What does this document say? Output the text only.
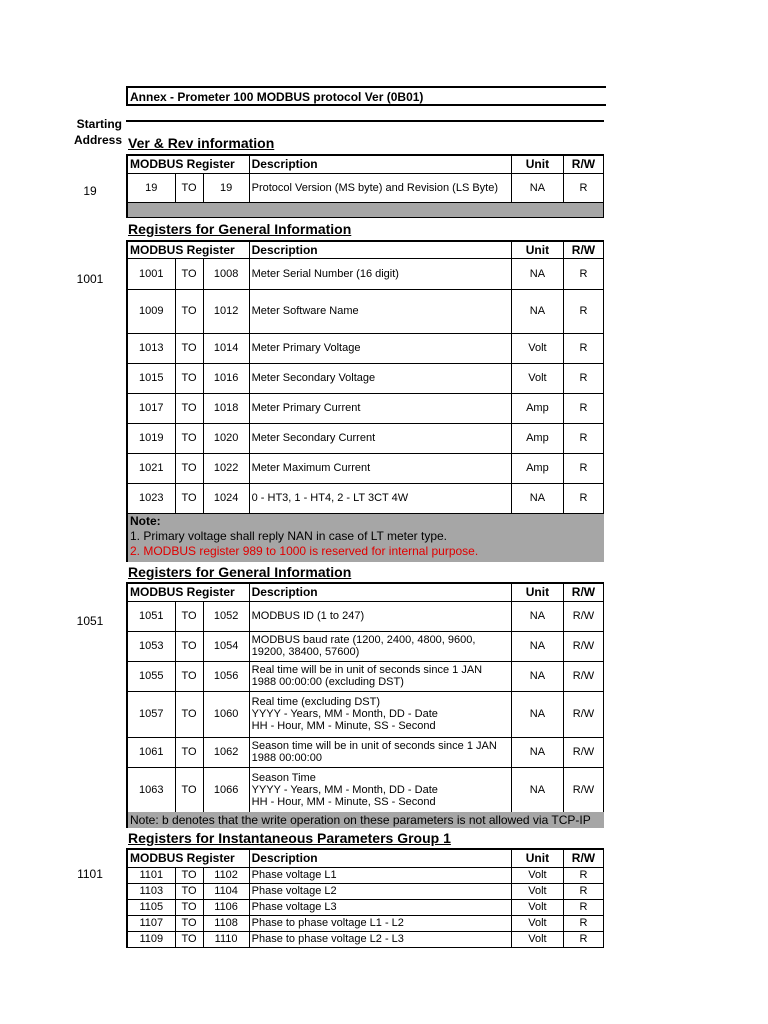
Annex - Prometer 100 MODBUS protocol Ver (0B01)
Starting
Address Ver & Rev information
19
MODBUS Register			Description	Unit	R/W
19	TO	19	Protocol Version (MS byte) and Revision (LS Byte)	NA	R
Registers for General Information
1001
MODBUS Register			Description	Unit	R/W
1001	TO	1008	Meter Serial Number (16 digit)	NA	R
1009	TO	1012	Meter Software Name	NA	R
1013	TO	1014	Meter Primary Voltage	Volt	R
1015	TO	1016	Meter Secondary Voltage	Volt	R
1017	TO	1018	Meter Primary Current	Amp	R
1019	TO	1020	Meter Secondary Current	Amp	R
1021	TO	1022	Meter Maximum Current	Amp	R
1023	TO	1024	0 - HT3, 1 - HT4, 2 - LT 3CT 4W	NA	R
Note:
1. Primary voltage shall reply NAN in case of LT meter type.
2. MODBUS register 989 to 1000 is reserved for internal purpose.
Registers for General Information
1051
MODBUS Register			Description	Unit	R/W
1051	TO	1052	MODBUS ID (1 to 247)	NA	R/W
1053	TO	1054	MODBUS baud rate (1200, 2400, 4800, 9600,
19200, 38400, 57600)	NA	R/W
1055	TO	1056	Real time will be in unit of seconds since 1 JAN
1988 00:00:00 (excluding DST)	NA	R/W
1057	TO	1060	Real time (excluding DST)
YYYY - Years, MM - Month, DD - Date
HH - Hour, MM - Minute, SS - Second	NA	R/W
1061	TO	1062	Season time will be in unit of seconds since 1 JAN
1988 00:00:00	NA	R/W
1063	TO	1066	Season Time
YYYY - Years, MM - Month, DD - Date
HH - Hour, MM - Minute, SS - Second	NA	R/W
Note: b denotes that the write operation on these parameters is not allowed via TCP-IP
Registers for Instantaneous Parameters Group 1
1101
MODBUS Register			Description	Unit	R/W
1101	TO	1102	Phase voltage L1	Volt	R
1103	TO	1104	Phase voltage L2	Volt	R
1105	TO	1106	Phase voltage L3	Volt	R
1107	TO	1108	Phase to phase voltage L1 - L2	Volt	R
1109	TO	1110	Phase to phase voltage L2 - L3	Volt	R
